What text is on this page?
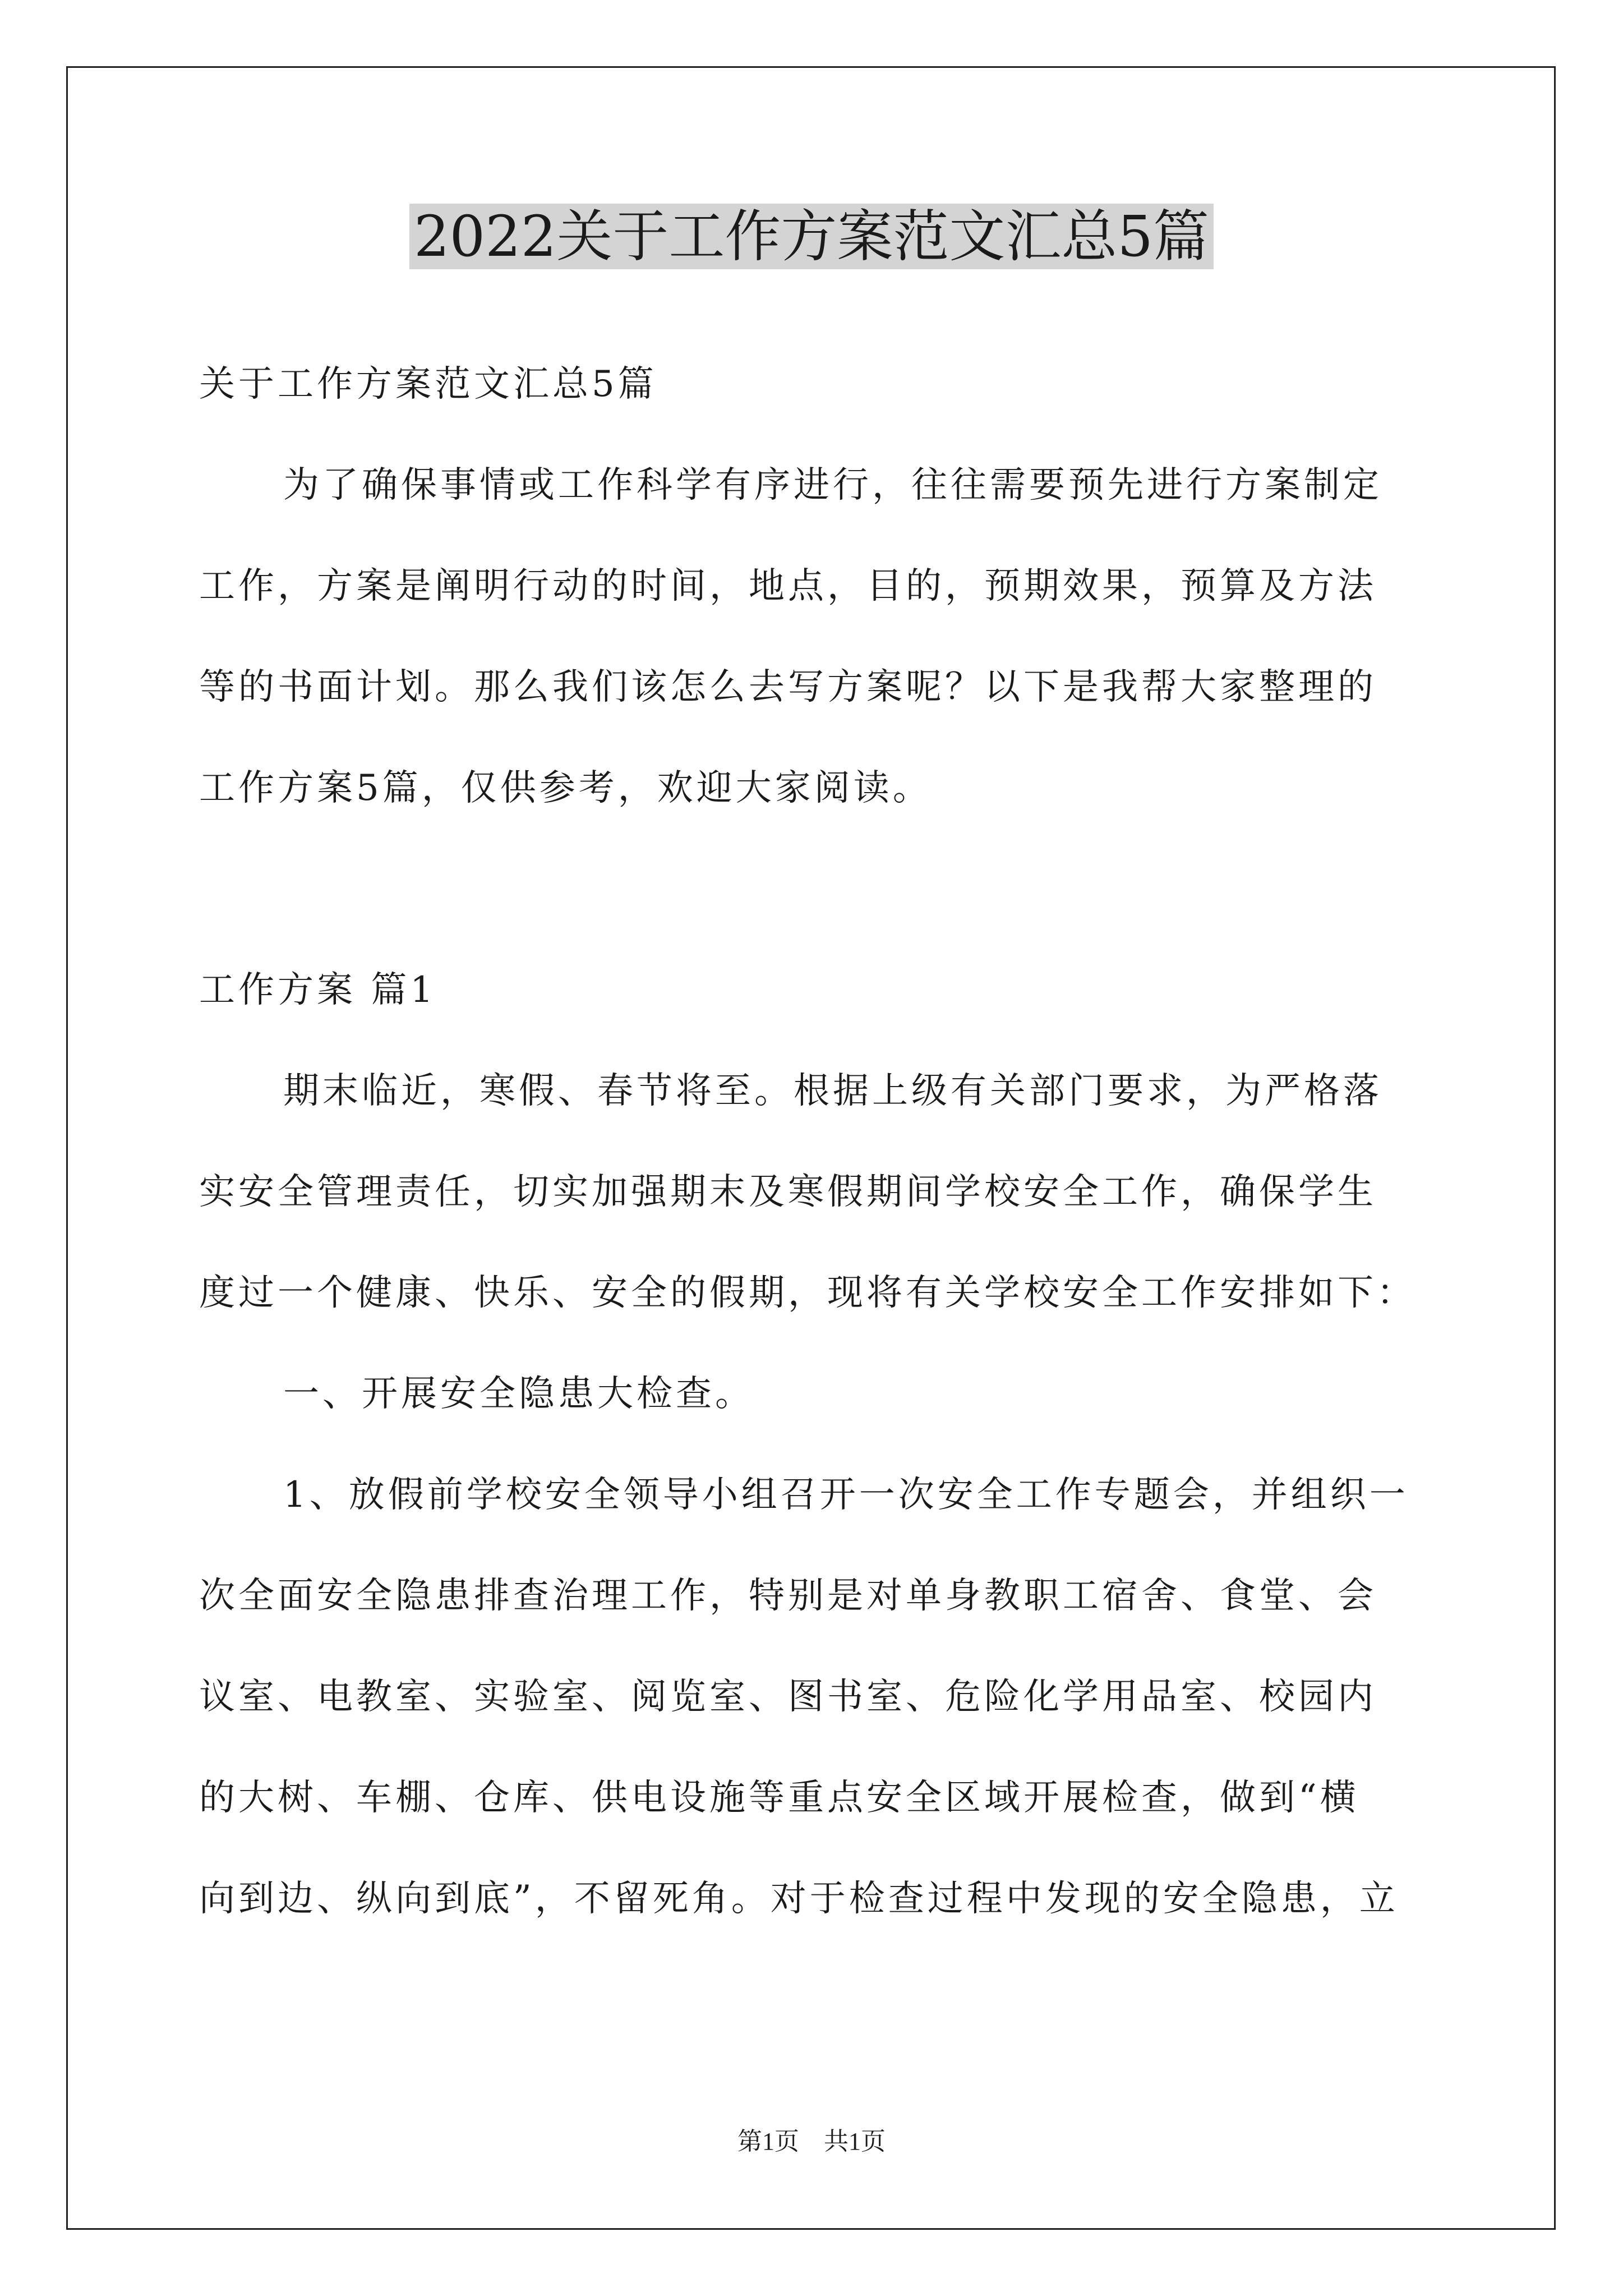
2022关于工作方案范文汇总5篇
关于工作方案范文汇总5篇
为了确保事情或工作科学有序进行，往往需要预先进行方案制定
工作，方案是阐明行动的时间，地点，目的，预期效果，预算及方法
等的书面计划。那么我们该怎么去写方案呢？以下是我帮大家整理的
工作方案5篇，仅供参考，欢迎大家阅读。
工作方案 篇1
期末临近，寒假、春节将至。根据上级有关部门要求，为严格落
实安全管理责任，切实加强期末及寒假期间学校安全工作，确保学生
度过一个健康、快乐、安全的假期，现将有关学校安全工作安排如下：
一、开展安全隐患大检查。
1、放假前学校安全领导小组召开一次安全工作专题会，并组织一
次全面安全隐患排查治理工作，特别是对单身教职工宿舍、食堂、会
议室、电教室、实验室、阅览室、图书室、危险化学用品室、校园内
的大树、车棚、仓库、供电设施等重点安全区域开展检查，做到“横
向到边、纵向到底”，不留死角。对于检查过程中发现的安全隐患，立
第1页　共1页
